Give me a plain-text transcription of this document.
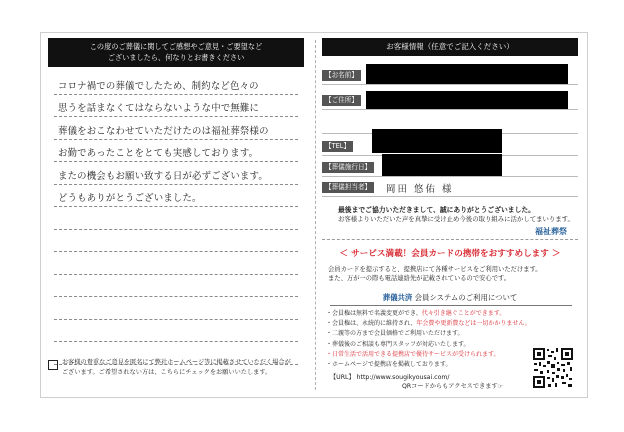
この度のご葬儀に関してご感想やご意見・ご要望など
ございましたら、何なりとお書きください
コロナ禍での葬儀でしたため、制約など色々の
思うを話まなくてはならないような中で無難に
葬儀をおこなわせていただけたのは福祉葬祭様の
お勤であったことをとても実感しております。
またの機会もお願い致する日が必ずございます。
どうもありがとうございました。
お客様の貴重なご意見を匿名にて弊社ホームページ等に掲載させていただく場合が
ございます。ご希望されない方は、こちらにチェックをお願いいたします。
お客様情報（任意でご記入ください）
【お名前】
【ご住所】
【TEL】
【葬儀施行日】
【葬儀担当者】	岡田 悠佑 様
最後までご協力いただきまして、誠にありがとうございました。
お客様よりいただいた声を真摯に受け止め今後の取り組みに活かしてまいります。
福祉葬祭
＜ サービス満載！会員カードの携帯をおすすめします ＞
会員カードを提示すると、提携店にて各種サービスをご利用いただけます。
また、万が一の際も電話連絡先が記載されているので安心です。
葬儀共済 会員システムのご利用について
・会員権は無料で名義変更ができ、代々引き継ぐことができます。
・会員権は、永続的に維持され、年会費や更新費などは一切かかりません。
・二親等の方まで会員価格でご利用いただけます。
・葬儀後のご相談も専門スタッフが対応いたします。
・日常生活で活用できる提携店で優待サービスが受けられます。
・ホームページで提携店を掲載しております。
【URL】 http://www.sougikyousai.com/
QRコードからもアクセスできます☞
